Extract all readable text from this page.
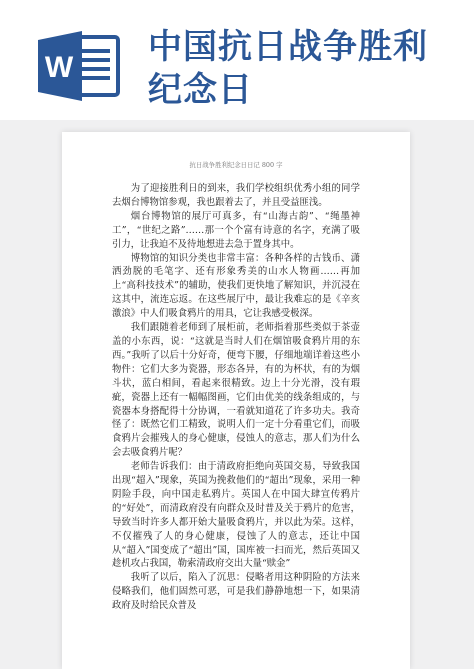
W
中国抗日战争胜利
纪念日
抗日战争胜利纪念日日记 800 字

为了迎接胜利日的到来，我们学校组织优秀小组的同学去烟台博物馆参观，我也跟着去了，并且受益匪浅。

烟台博物馆的展厅可真多，有“山海古韵”、“绳墨神工”，“世纪之路”……那一个个富有诗意的名字，充满了吸引力，让我迫不及待地想进去急于置身其中。

博物馆的知识分类也非常丰富：各种各样的古钱币、潇洒劲脱的毛笔字、还有形象秀美的山水人物画……再加上“高科技技术”的辅助，使我们更快地了解知识，并沉浸在这其中，流连忘返。在这些展厅中，最让我难忘的是《辛亥激浪》中人们吸食鸦片的用具，它让我感受极深。

我们跟随着老师到了展柜前，老师指着那些类似于茶壶盖的小东西，说：“这就是当时人们在烟馆吸食鸦片用的东西。”我听了以后十分好奇，便弯下腰，仔细地端详着这些小物件：它们大多为瓷器，形态各异，有的为杯状，有的为烟斗状，蓝白相间，看起来很精致。边上十分光滑，没有瑕疵，瓷器上还有一幅幅图画，它们由优美的线条组成的，与瓷器本身搭配得十分协调，一看就知道花了许多功夫。我奇怪了：既然它们工精致，说明人们一定十分看重它们，而吸食鸦片会摧残人的身心健康，侵蚀人的意志，那人们为什么会去吸食鸦片呢？

老师告诉我们：由于清政府拒绝向英国交易，导致我国出现“超入”现象，英国为挽救他们的“超出”现象，采用一种阴险手段，向中国走私鸦片。英国人在中国大肆宣传鸦片的“好处”，而清政府没有向群众及时普及关于鸦片的危害，导致当时许多人都开始大量吸食鸦片，并以此为荣。这样，不仅摧残了人的身心健康，侵蚀了人的意志，还让中国从“超入”国变成了“超出”国，国库被一扫而光，然后英国又趁机攻占我国，勒索清政府交出大量“赎金”

我听了以后，陷入了沉思：侵略者用这种阴险的方法来侵略我们，他们固然可恶，可是我们静静地想一下，如果清政府及时给民众普及
